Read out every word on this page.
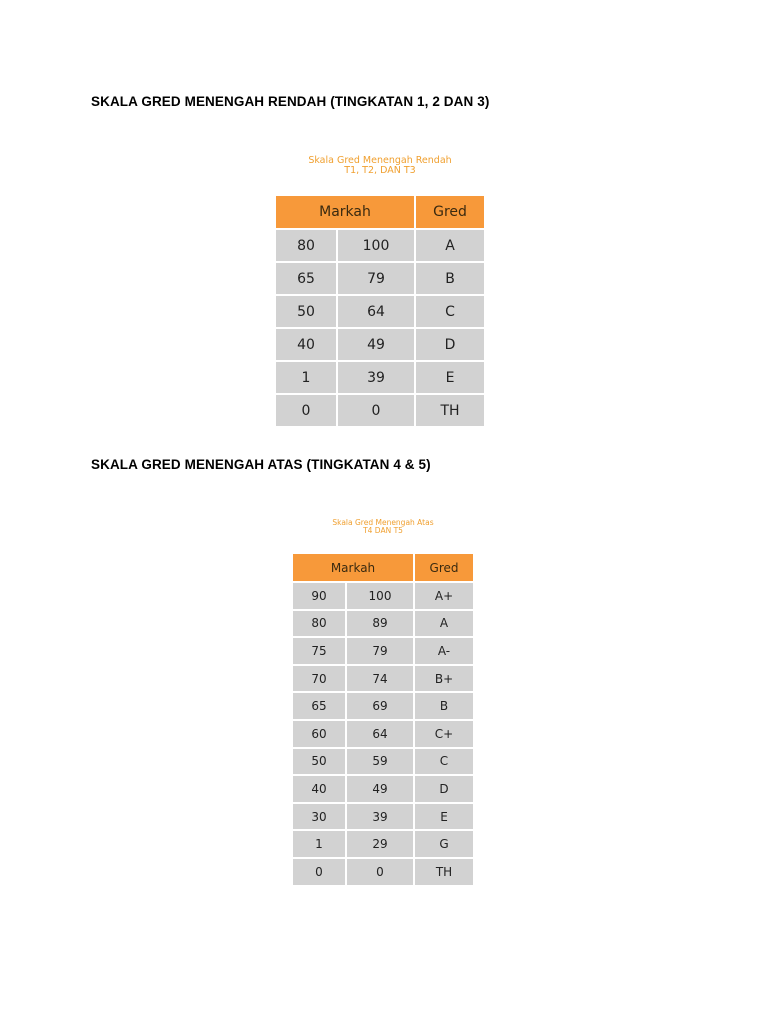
SKALA GRED MENENGAH RENDAH (TINGKATAN 1, 2 DAN 3)
Skala Gred Menengah Rendah
T1, T2, DAN T3
Markah		Gred
80	100	A
65	79	B
50	64	C
40	49	D
1	39	E
0	0	TH
SKALA GRED MENENGAH ATAS (TINGKATAN 4 & 5)
Skala Gred Menengah Atas
T4 DAN T5
Markah		Gred
90	100	A+
80	89	A
75	79	A-
70	74	B+
65	69	B
60	64	C+
50	59	C
40	49	D
30	39	E
1	29	G
0	0	TH
